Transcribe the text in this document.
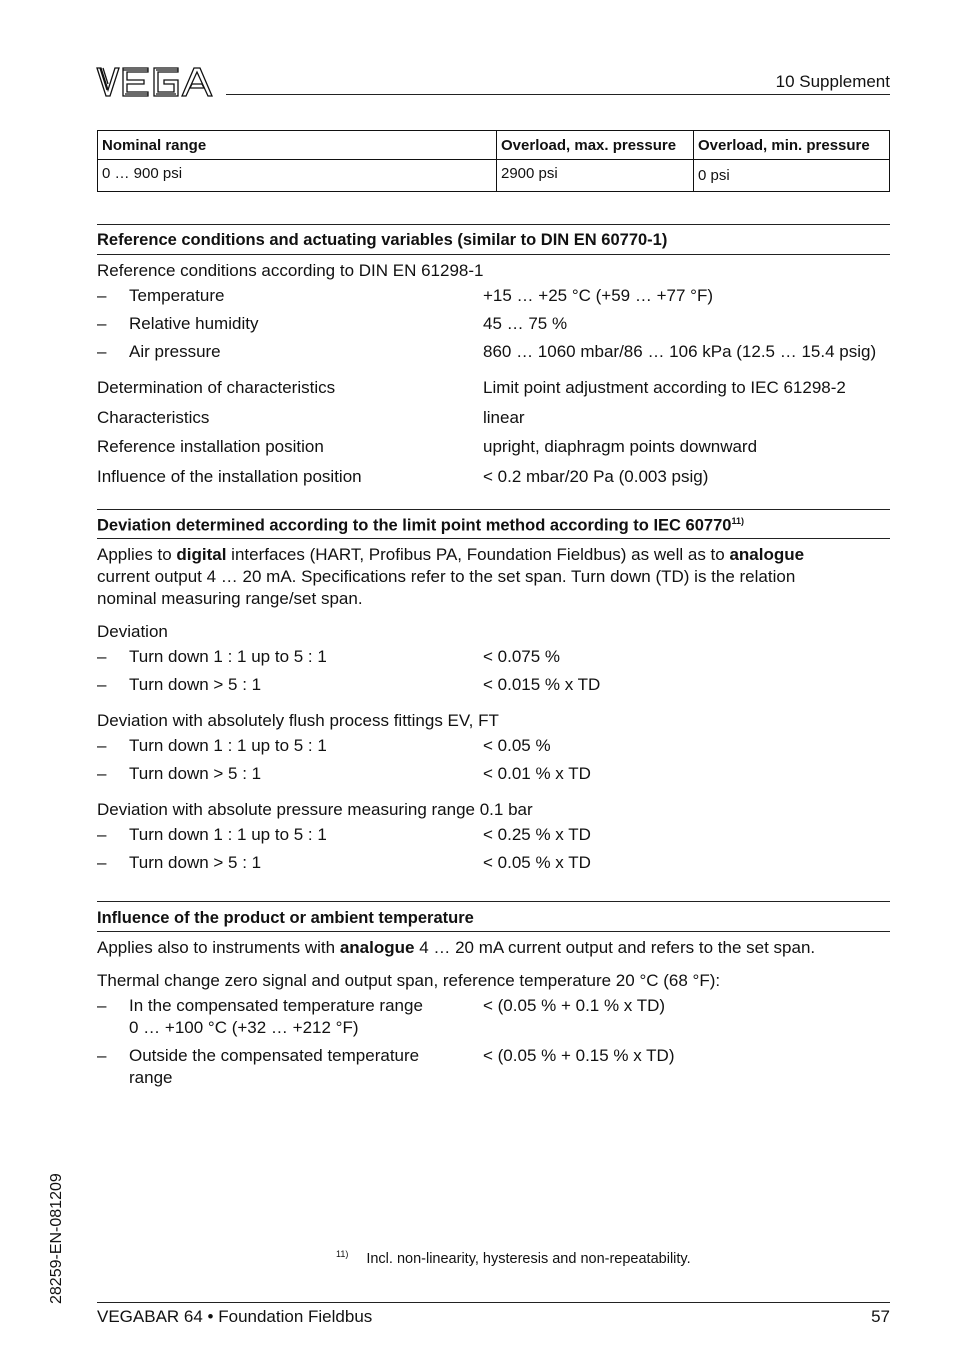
10 Supplement
Nominal range	Overload, max. pressure	Overload, min. pressure
0 … 900 psi	2900 psi	0 psi
Reference conditions and actuating variables (similar to DIN EN 60770-1)
Reference conditions according to DIN EN 61298-1
– Temperature	+15 … +25 °C (+59 … +77 °F)
– Relative humidity	45 … 75 %
– Air pressure	860 … 1060 mbar/86 … 106 kPa (12.5 … 15.4 psig)
Determination of characteristics	Limit point adjustment according to IEC 61298-2
Characteristics	linear
Reference installation position	upright, diaphragm points downward
Influence of the installation position	< 0.2 mbar/20 Pa (0.003 psig)
Deviation determined according to the limit point method according to IEC 60770$^{11)}$
Applies to digital interfaces (HART, Profibus PA, Foundation Fieldbus) as well as to analogue
current output 4 … 20 mA. Specifications refer to the set span. Turn down (TD) is the relation
nominal measuring range/set span.
Deviation
– Turn down 1 : 1 up to 5 : 1	< 0.075 %
– Turn down > 5 : 1	< 0.015 % x TD
Deviation with absolutely flush process fittings EV, FT
– Turn down 1 : 1 up to 5 : 1	< 0.05 %
– Turn down > 5 : 1	< 0.01 % x TD
Deviation with absolute pressure measuring range 0.1 bar
– Turn down 1 : 1 up to 5 : 1	< 0.25 % x TD
– Turn down > 5 : 1	< 0.05 % x TD
Influence of the product or ambient temperature
Applies also to instruments with analogue 4 … 20 mA current output and refers to the set span.
Thermal change zero signal and output span, reference temperature 20 °C (68 °F):
– In the compensated temperature range
0 … +100 °C (+32 … +212 °F)
< (0.05 % + 0.1 % x TD)
– Outside the compensated temperature
range
< (0.05 % + 0.15 % x TD)
28259-EN-081209	$^{11)}$ Incl. non-linearity, hysteresis and non-repeatability.
VEGABAR 64 • Foundation Fieldbus	57
